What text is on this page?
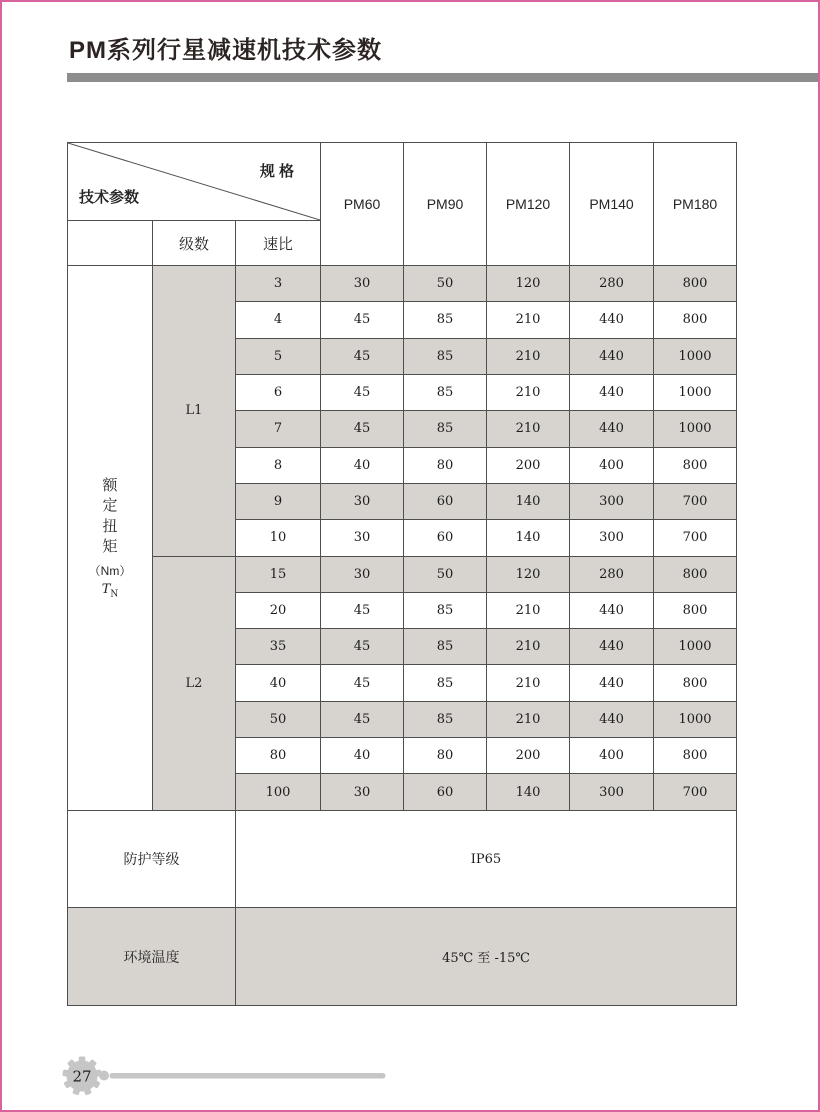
PM系列行星减速机技术参数
规 格
技术参数			PM60	PM90	PM120	PM140	PM180
	级数	速比					

额定扭矩
（Nm）
$T_N$	L1	3	30	50	120	280	800
		4	45	85	210	440	800
		5	45	85	210	440	1000
		6	45	85	210	440	1000
		7	45	85	210	440	1000
		8	40	80	200	400	800
		9	30	60	140	300	700
		10	30	60	140	300	700
	L2	15	30	50	120	280	800
		20	45	85	210	440	800
		35	45	85	210	440	1000
		40	45	85	210	440	800
		50	45	85	210	440	1000
		80	40	80	200	400	800
		100	30	60	140	300	700
防护等级		IP65					
环境温度		45℃ 至 -15℃					
27
